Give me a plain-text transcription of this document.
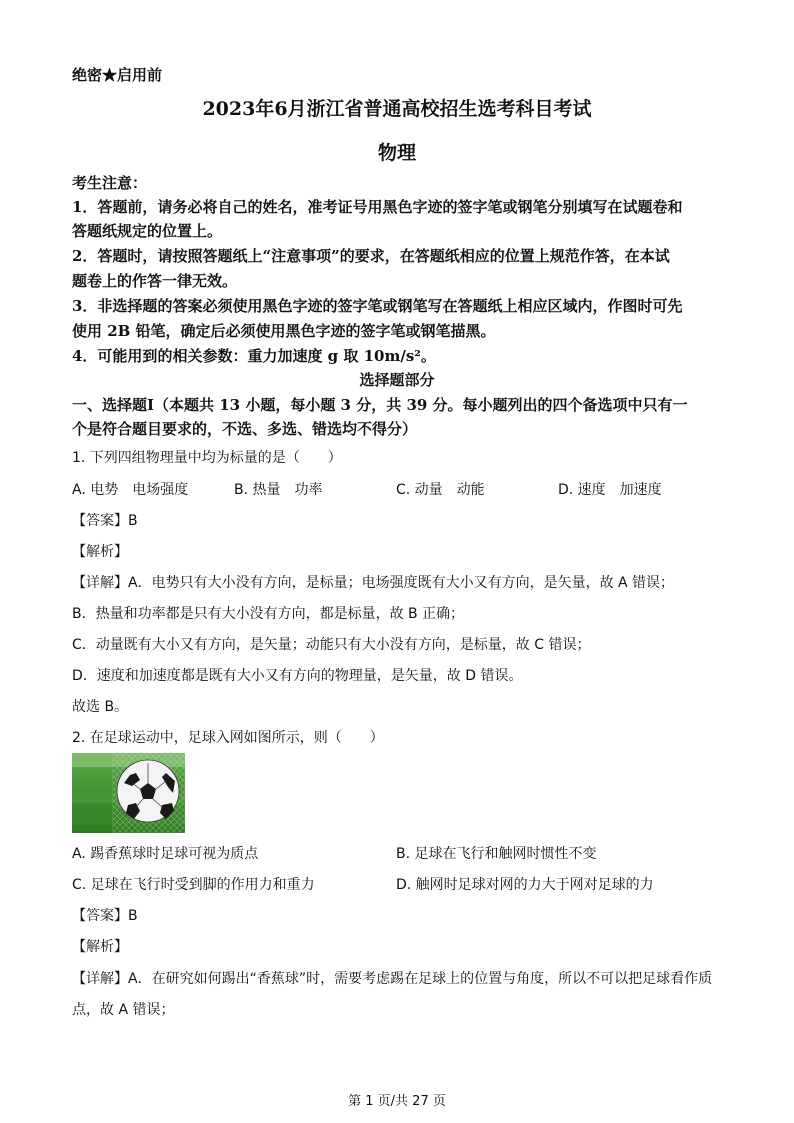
绝密★启用前
2023年6月浙江省普通高校招生选考科目考试
物理
考生注意：
1．答题前，请务必将自己的姓名，准考证号用黑色字迹的签字笔或钢笔分别填写在试题卷和
答题纸规定的位置上。
2．答题时，请按照答题纸上“注意事项”的要求，在答题纸相应的位置上规范作答，在本试
题卷上的作答一律无效。
3．非选择题的答案必须使用黑色字迹的签字笔或钢笔写在答题纸上相应区域内，作图时可先
使用 2B 铅笔，确定后必须使用黑色字迹的签字笔或钢笔描黑。
4．可能用到的相关参数：重力加速度 g 取 10m/s²。
选择题部分
一、选择题Ⅰ（本题共 13 小题，每小题 3 分，共 39 分。每小题列出的四个备选项中只有一
个是符合题目要求的，不选、多选、错选均不得分）
1. 下列四组物理量中均为标量的是（　　）
A. 电势　电场强度	B. 热量　功率	C. 动量　动能	D. 速度　加速度
【答案】B
【解析】
【详解】A．电势只有大小没有方向，是标量；电场强度既有大小又有方向，是矢量，故 A 错误；
B．热量和功率都是只有大小没有方向，都是标量，故 B 正确；
C．动量既有大小又有方向，是矢量；动能只有大小没有方向，是标量，故 C 错误；
D．速度和加速度都是既有大小又有方向的物理量，是矢量，故 D 错误。
故选 B。
2. 在足球运动中，足球入网如图所示，则（　　）
A. 踢香蕉球时足球可视为质点	B. 足球在飞行和触网时惯性不变
C. 足球在飞行时受到脚的作用力和重力	D. 触网时足球对网的力大于网对足球的力
【答案】B
【解析】
【详解】A．在研究如何踢出“香蕉球”时，需要考虑踢在足球上的位置与角度，所以不可以把足球看作质
点，故 A 错误；
第 1 页/共 27 页
